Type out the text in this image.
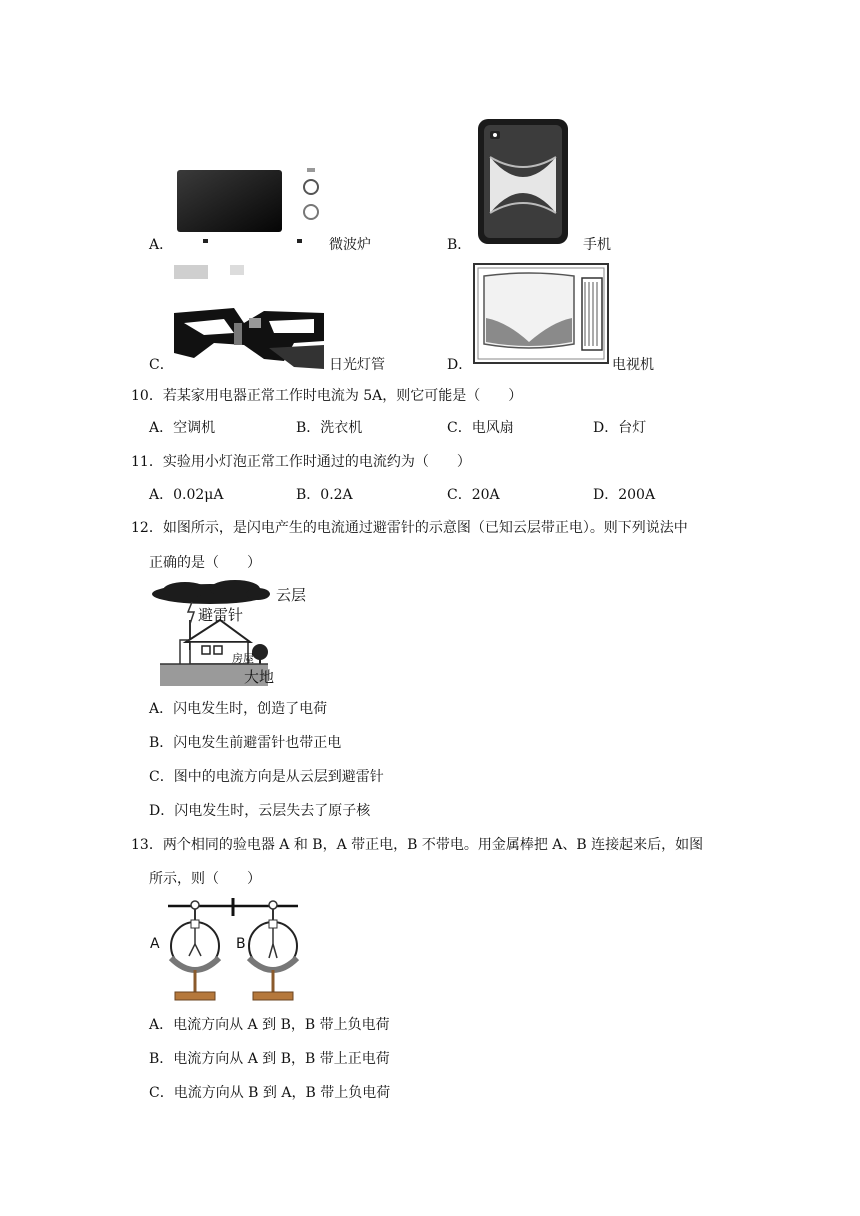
A．	微波炉	B．	手机
C．	日光灯管	D．	电视机
10．若某家用电器正常工作时电流为 5A，则它可能是（　　）
A．空调机	B．洗衣机	C．电风扇	D．台灯
11．实验用小灯泡正常工作时通过的电流约为（　　）
A．0.02μA	B．0.2A	C．20A	D．200A
12．如图所示，是闪电产生的电流通过避雷针的示意图（已知云层带正电）。则下列说法中
正确的是（　　）
云层
避雷针
房屋
大地
A．闪电发生时，创造了电荷
B．闪电发生前避雷针也带正电
C．图中的电流方向是从云层到避雷针
D．闪电发生时，云层失去了原子核
13．两个相同的验电器 A 和 B，A 带正电，B 不带电。用金属棒把 A、B 连接起来后，如图
所示，则（　　）
A	B
A．电流方向从 A 到 B，B 带上负电荷
B．电流方向从 A 到 B，B 带上正电荷
C．电流方向从 B 到 A，B 带上负电荷
